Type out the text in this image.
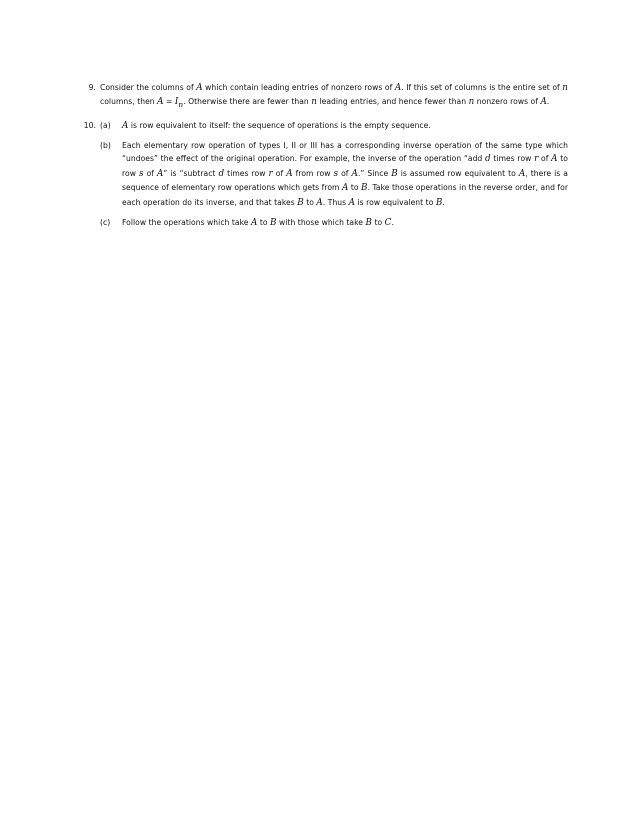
9. Consider the columns of A which contain leading entries of nonzero rows of A. If this set of columns is the entire set of n columns, then $A = I_n$. Otherwise there are fewer than n leading entries, and hence fewer than n nonzero rows of A.
10. (a) A is row equivalent to itself: the sequence of operations is the empty sequence.
(b) Each elementary row operation of types I, II or III has a corresponding inverse operation of the same type which “undoes” the effect of the original operation. For example, the inverse of the operation “add d times row r of A to row s of A” is “subtract d times row r of A from row s of A.” Since B is assumed row equivalent to A, there is a sequence of elementary row operations which gets from A to B. Take those operations in the reverse order, and for each operation do its inverse, and that takes B to A. Thus A is row equivalent to B.
(c) Follow the operations which take A to B with those which take B to C.
